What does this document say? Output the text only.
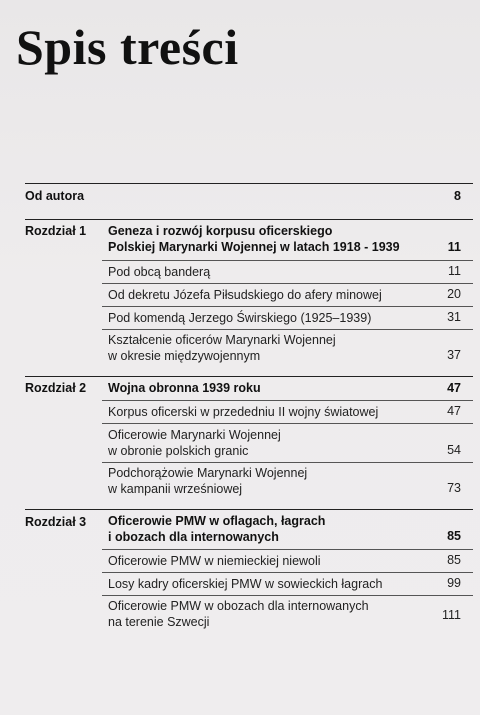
Spis treści
Od autora	8
Rozdział 1 Geneza i rozwój korpusu oficerskiego
Polskiej Marynarki Wojennej w latach 1918 - 1939	11
Pod obcą banderą	11
Od dekretu Józefa Piłsudskiego do afery minowej	20
Pod komendą Jerzego Świrskiego (1925–1939)	31
Kształcenie oficerów Marynarki Wojennej
w okresie międzywojennym	37
Rozdział 2 Wojna obronna 1939 roku	47
Korpus oficerski w przededniu II wojny światowej	47
Oficerowie Marynarki Wojennej
w obronie polskich granic	54
Podchorążowie Marynarki Wojennej
w kampanii wrześniowej	73
Rozdział 3 Oficerowie PMW w oflagach, łagrach
i obozach dla internowanych	85
Oficerowie PMW w niemieckiej niewoli	85
Losy kadry oficerskiej PMW w sowieckich łagrach	99
Oficerowie PMW w obozach dla internowanych
na terenie Szwecji	111
